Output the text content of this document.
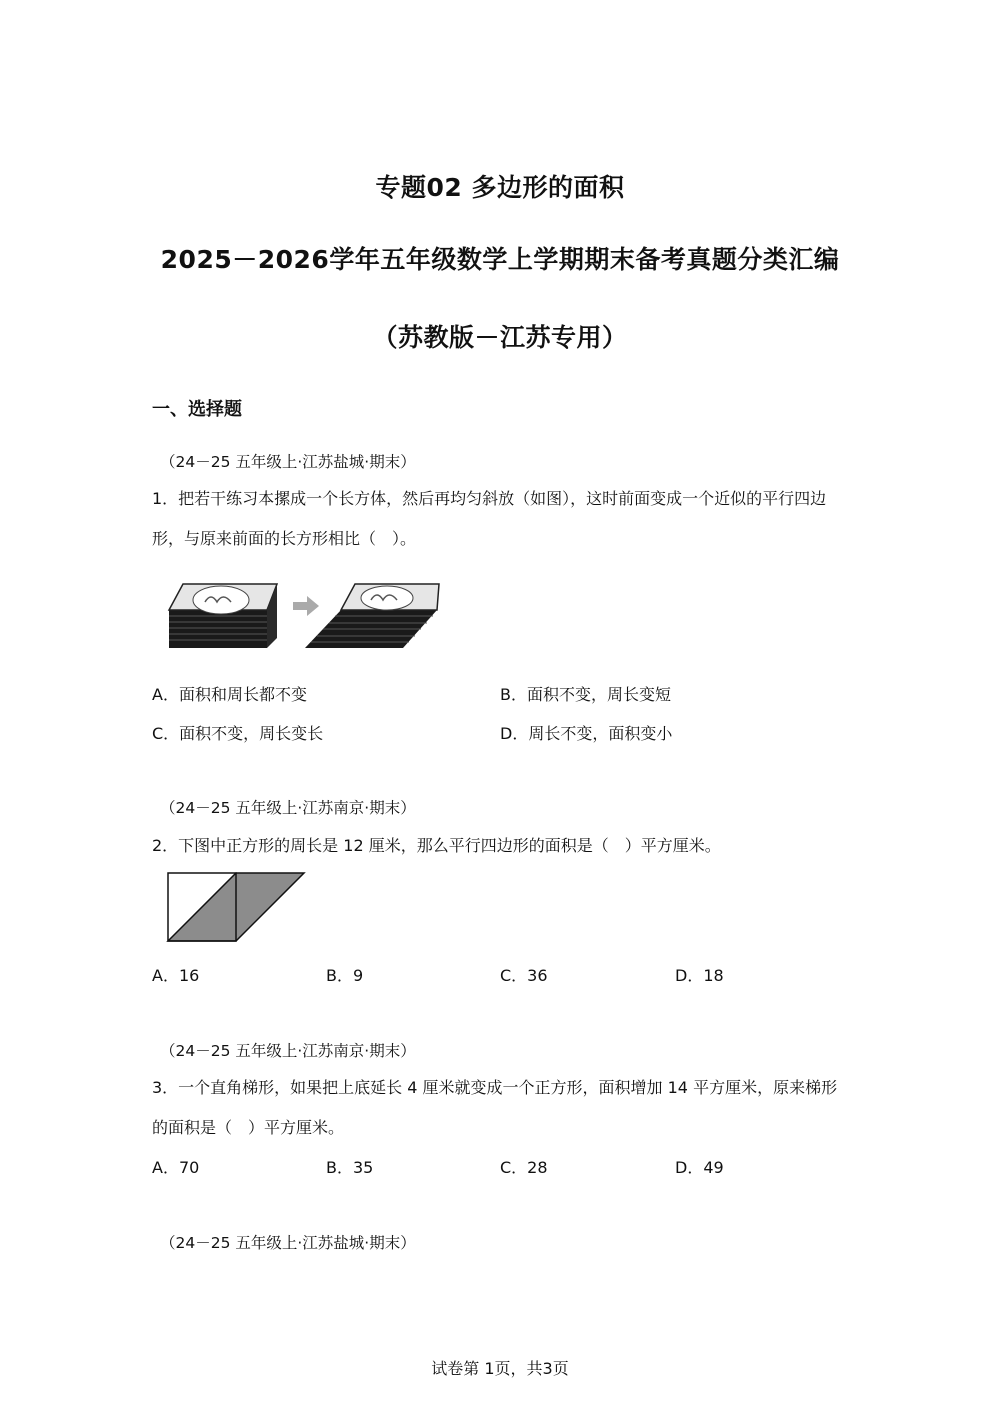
专题02 多边形的面积
2025－2026学年五年级数学上学期期末备考真题分类汇编
（苏教版－江苏专用）
一、选择题
（24－25 五年级上·江苏盐城·期末）
1．把若干练习本摞成一个长方体，然后再均匀斜放（如图），这时前面变成一个近似的平行四边形，与原来前面的长方形相比（　）。
A．面积和周长都不变	B．面积不变，周长变短
C．面积不变，周长变长	D．周长不变，面积变小
（24－25 五年级上·江苏南京·期末）
2．下图中正方形的周长是 12 厘米，那么平行四边形的面积是（　）平方厘米。
A．16	B．9	C．36	D．18
（24－25 五年级上·江苏南京·期末）
3．一个直角梯形，如果把上底延长 4 厘米就变成一个正方形，面积增加 14 平方厘米，原来梯形的面积是（　）平方厘米。
A．70	B．35	C．28	D．49
（24－25 五年级上·江苏盐城·期末）
试卷第 1页，共3页
